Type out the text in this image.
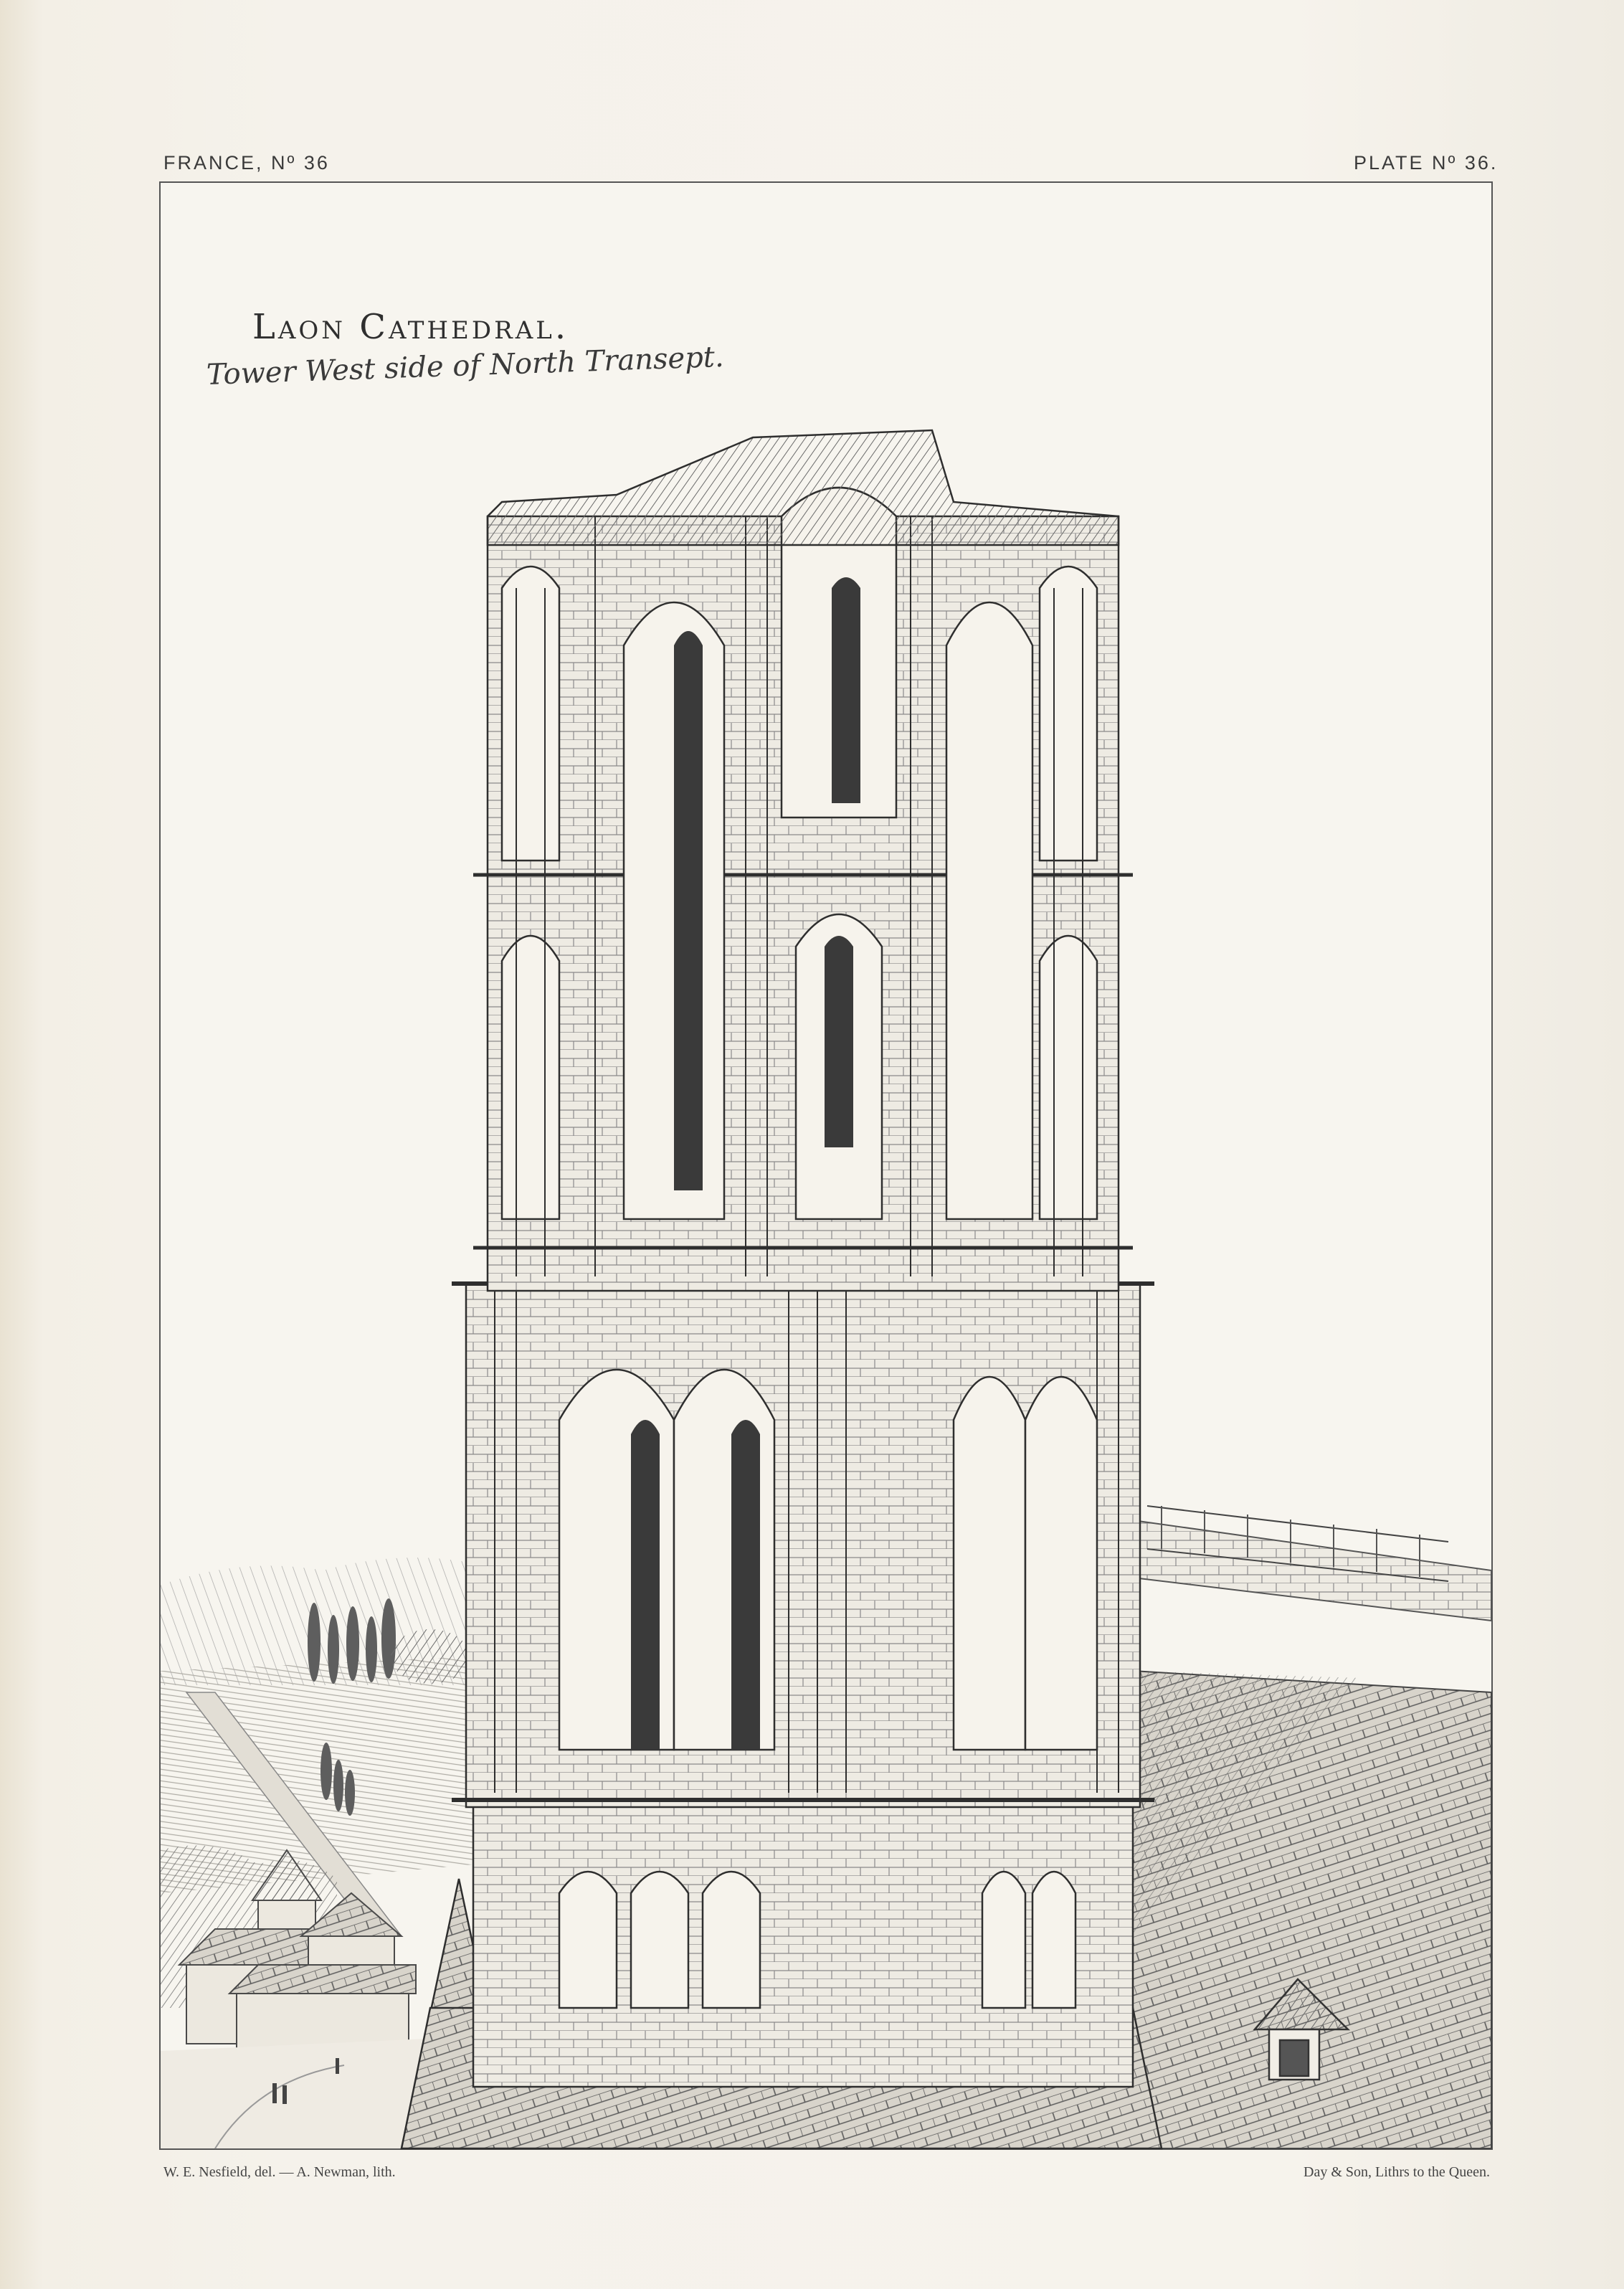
FRANCE, Nº 36	PLATE Nº 36.
Laon Cathedral.
Tower West side of North Transept.
W. E. Nesfield, del. — A. Newman, lith.	Day & Son, Lithrs to the Queen.
